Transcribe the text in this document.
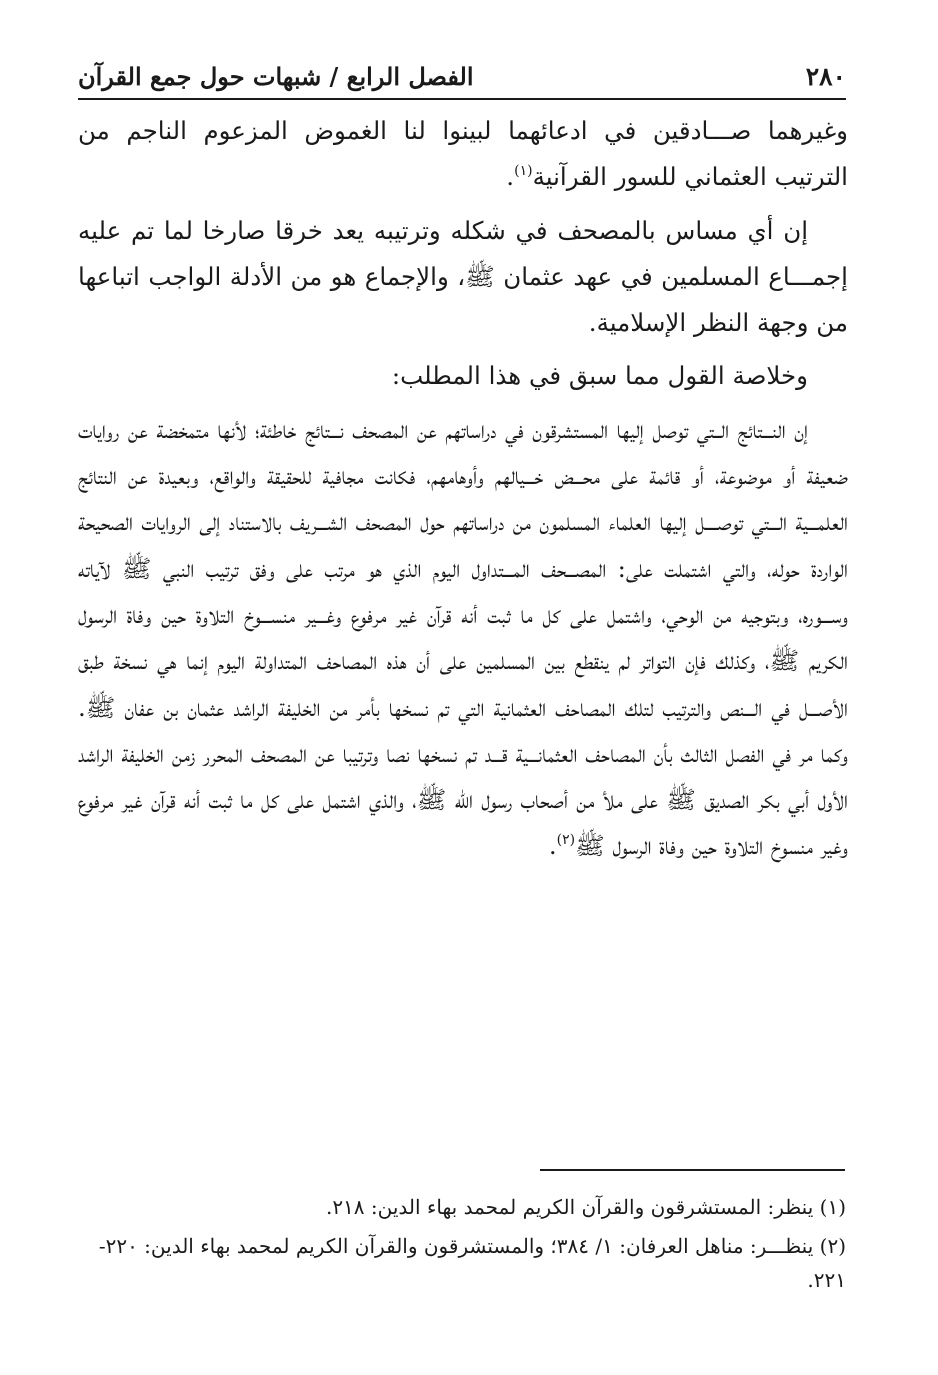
٢٨٠
الفصل الرابع / شبهات حول جمع القرآن

وغيرهما صـــادقين في ادعائهما لبينوا لنا الغموض المزعوم الناجم من الترتيب العثماني للسور القرآنية$^{(١)}$.

إن أي مساس بالمصحف في شكله وترتيبه يعد خرقا صارخا لما تم عليه إجمـــاع المسلمين في عهد عثمان ﷺ، والإجماع هو من الأدلة الواجب اتباعها من وجهة النظر الإسلامية.

وخلاصة القول مما سبق في هذا المطلب:

إن النـــتائج الــتي توصل إليها المستشرقون في دراساتهم عن المصحف نـــتائج خاطئة؛ لأنها متمخضة عن روايات ضعيفة أو موضوعة، أو قائمة على محـــض خـــيالهم وأوهامهم، فكانت مجافية للحقيقة والواقع، وبعيدة عن النتائج العلمـــية الـــتي توصــــل إليها العلماء المسلمون من دراساتهم حول المصحف الشـــريف بالاستناد إلى الروايات الصحيحة الواردة حوله، والتي اشتملت على: المصـــحف المـــتداول اليوم الذي هو مرتب على وفق ترتيب النبي ﷺ لآياته وســـوره، وبتوجيه من الوحي، واشتمل على كل ما ثبت أنه قرآن غير مرفوع وغـــير منســـوخ التلاوة حين وفاة الرسول الكريم ﷺ، وكذلك فإن التواتر لم ينقطع بين المسلمين على أن هذه المصاحف المتداولة اليوم إنما هي نسخة طبق الأصـــل في الـــنص والترتيب لتلك المصاحف العثمانية التي تم نسخها بأمر من الخليفة الراشد عثمان بن عفان ﷺ. وكما مر في الفصل الثالث بأن المصاحف العثمانـــية قـــد تم نسخها نصا وترتيبا عن المصحف المحرر زمن الخليفة الراشد الأول أبي بكر الصديق ﷺ على ملأ من أصحاب رسول الله ﷺ، والذي اشتمل على كل ما ثبت أنه قرآن غير مرفوع وغير منسوخ التلاوة حين وفاة الرسول ﷺ$^{(٢)}$.

(١) ينظر: المستشرقون والقرآن الكريم لمحمد بهاء الدين: ٢١٨.

(٢) ينظـــر: مناهل العرفان: ١/ ٣٨٤؛ والمستشرقون والقرآن الكريم لمحمد بهاء الدين: ٢٢٠- ٢٢١.
